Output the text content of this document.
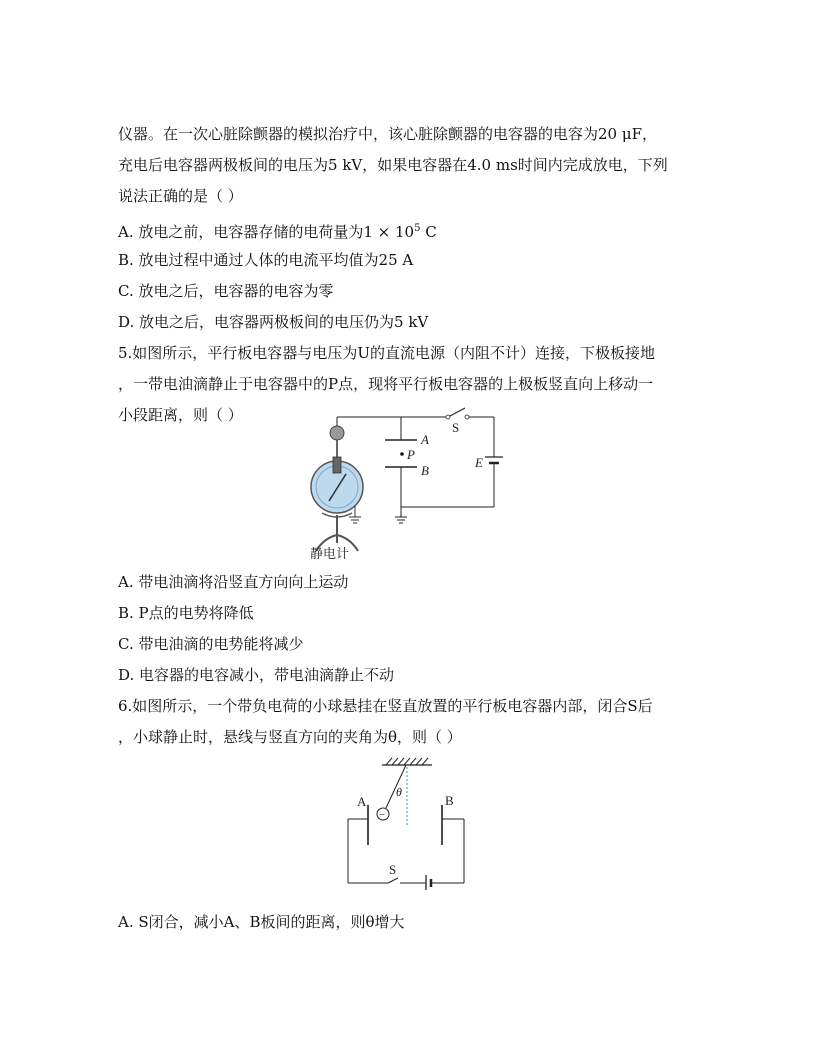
仪器。在一次心脏除颤器的模拟治疗中，该心脏除颤器的电容器的电容为20 μF，
充电后电容器两极板间的电压为5 kV，如果电容器在4.0 ms时间内完成放电，下列
说法正确的是（ ）
A. 放电之前，电容器存储的电荷量为$1 \times 10^5$ C
B. 放电过程中通过人体的电流平均值为25 A
C. 放电之后，电容器的电容为零
D. 放电之后，电容器两极板间的电压仍为5 kV
5.如图所示，平行板电容器与电压为U的直流电源（内阻不计）连接，下极板接地
，一带电油滴静止于电容器中的P点，现将平行板电容器的上极板竖直向上移动一
小段距离，则（ ）
A
P
B
S
E
静电计
A. 带电油滴将沿竖直方向向上运动
B. P点的电势将降低
C. 带电油滴的电势能将减少
D. 电容器的电容减小，带电油滴静止不动
6.如图所示，一个带负电荷的小球悬挂在竖直放置的平行板电容器内部，闭合S后
，小球静止时，悬线与竖直方向的夹角为θ，则（ ）
θ
−
A	B
S
A. S闭合，减小A、B板间的距离，则θ增大
